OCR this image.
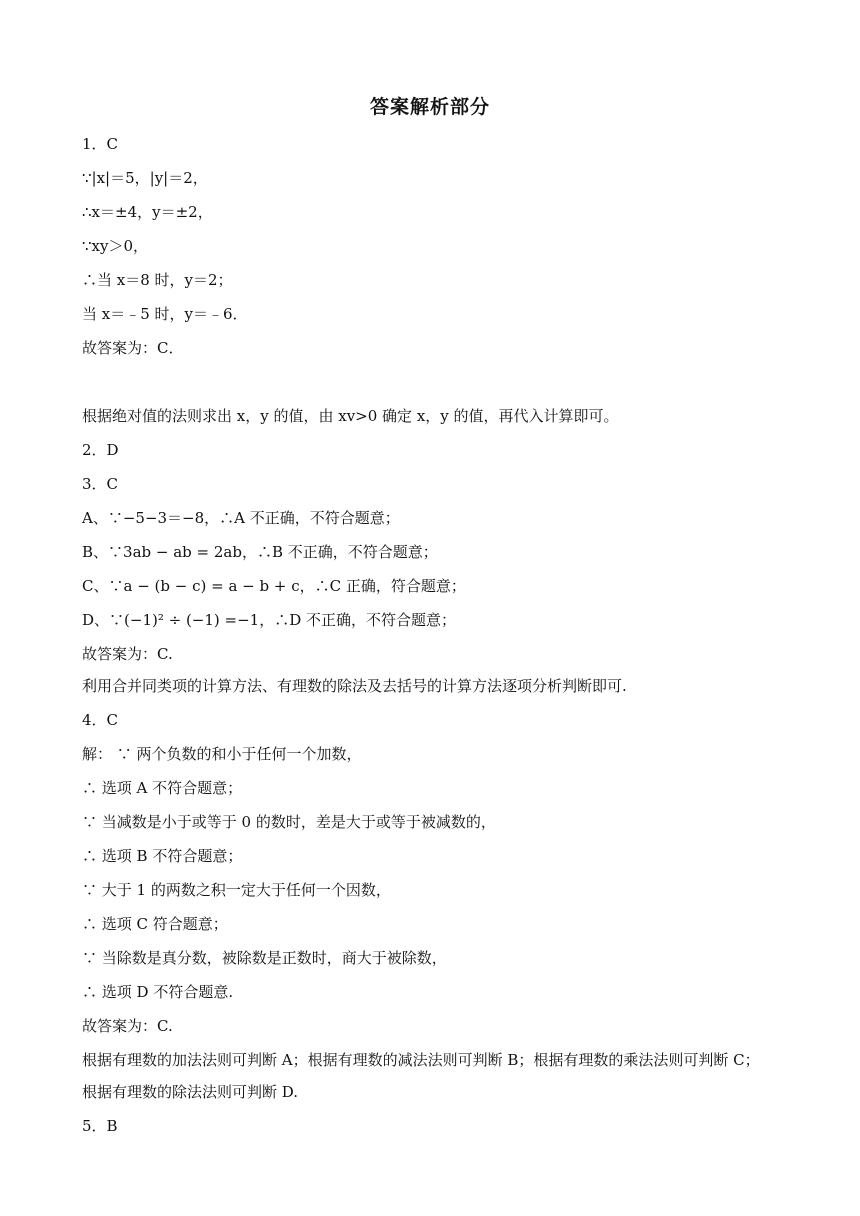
答案解析部分
1．C
∵|x|＝5，|y|＝2，
∴x＝±4，y＝±2，
∵xy＞0，
∴当 x＝8 时，y＝2；
当 x＝﹣5 时，y＝﹣6．
故答案为：C．
根据绝对值的法则求出 x，y 的值，由 xv>0 确定 x，y 的值，再代入计算即可。
2．D
3．C
A、∵−5−3＝−8，∴A 不正确，不符合题意；
B、∵3ab − ab = 2ab，∴B 不正确，不符合题意；
C、∵a − (b − c) = a − b + c，∴C 正确，符合题意；
D、∵(−1)² ÷ (−1) =−1，∴D 不正确，不符合题意；
故答案为：C.
利用合并同类项的计算方法、有理数的除法及去括号的计算方法逐项分析判断即可.
4．C
解： ∵ 两个负数的和小于任何一个加数，
∴ 选项 A 不符合题意；
∵ 当减数是小于或等于 0 的数时，差是大于或等于被减数的，
∴ 选项 B 不符合题意；
∵ 大于 1 的两数之积一定大于任何一个因数，
∴ 选项 C 符合题意；
∵ 当除数是真分数，被除数是正数时，商大于被除数，
∴ 选项 D 不符合题意.
故答案为：C.
根据有理数的加法法则可判断 A；根据有理数的减法法则可判断 B；根据有理数的乘法法则可判断 C；
根据有理数的除法法则可判断 D.
5．B
